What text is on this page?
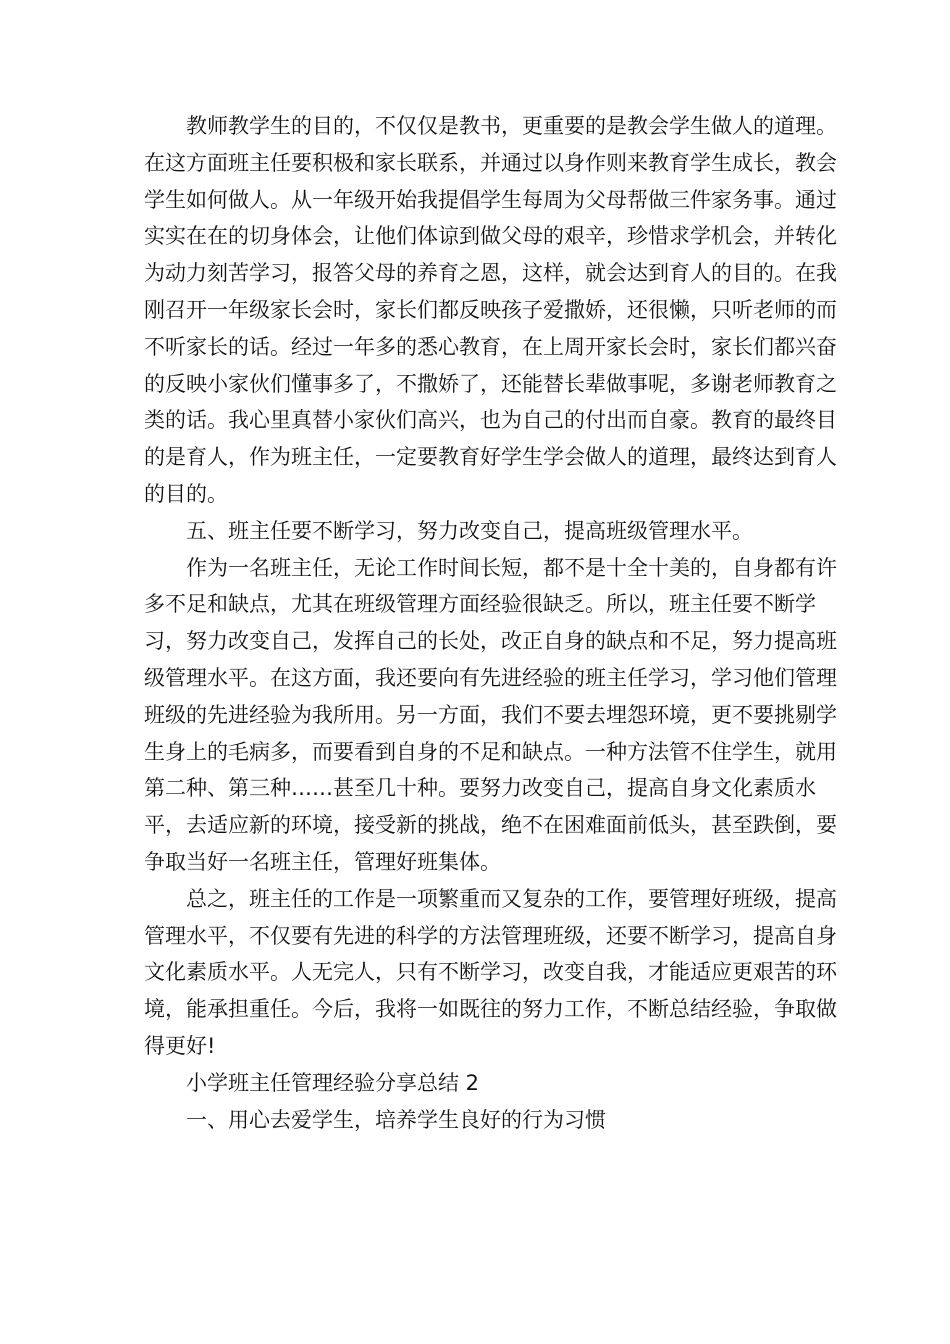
教师教学生的目的，不仅仅是教书，更重要的是教会学生做人的道理。在这方面班主任要积极和家长联系，并通过以身作则来教育学生成长，教会学生如何做人。从一年级开始我提倡学生每周为父母帮做三件家务事。通过实实在在的切身体会，让他们体谅到做父母的艰辛，珍惜求学机会，并转化为动力刻苦学习，报答父母的养育之恩，这样，就会达到育人的目的。在我刚召开一年级家长会时，家长们都反映孩子爱撒娇，还很懒，只听老师的而不听家长的话。经过一年多的悉心教育，在上周开家长会时，家长们都兴奋的反映小家伙们懂事多了，不撒娇了，还能替长辈做事呢，多谢老师教育之类的话。我心里真替小家伙们高兴，也为自己的付出而自豪。教育的最终目的是育人，作为班主任，一定要教育好学生学会做人的道理，最终达到育人的目的。

五、班主任要不断学习，努力改变自己，提高班级管理水平。

作为一名班主任，无论工作时间长短，都不是十全十美的，自身都有许多不足和缺点，尤其在班级管理方面经验很缺乏。所以，班主任要不断学习，努力改变自己，发挥自己的长处，改正自身的缺点和不足，努力提高班级管理水平。在这方面，我还要向有先进经验的班主任学习，学习他们管理班级的先进经验为我所用。另一方面，我们不要去埋怨环境，更不要挑剔学生身上的毛病多，而要看到自身的不足和缺点。一种方法管不住学生，就用第二种、第三种……甚至几十种。要努力改变自己，提高自身文化素质水平，去适应新的环境，接受新的挑战，绝不在困难面前低头，甚至跌倒，要争取当好一名班主任，管理好班集体。

总之，班主任的工作是一项繁重而又复杂的工作，要管理好班级，提高管理水平，不仅要有先进的科学的方法管理班级，还要不断学习，提高自身文化素质水平。人无完人，只有不断学习，改变自我，才能适应更艰苦的环境，能承担重任。今后，我将一如既往的努力工作，不断总结经验，争取做得更好!

小学班主任管理经验分享总结 2

一、用心去爱学生，培养学生良好的行为习惯
